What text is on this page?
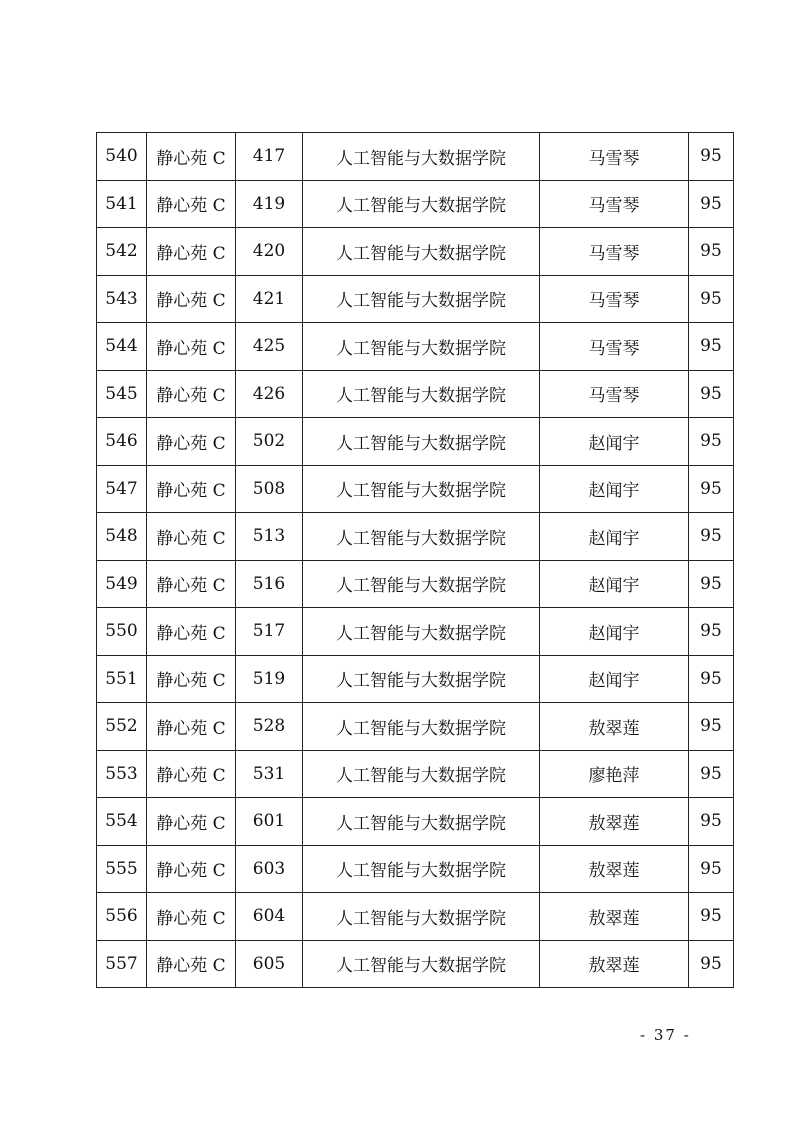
540	静心苑 C	417	人工智能与大数据学院	马雪琴	95
541	静心苑 C	419	人工智能与大数据学院	马雪琴	95
542	静心苑 C	420	人工智能与大数据学院	马雪琴	95
543	静心苑 C	421	人工智能与大数据学院	马雪琴	95
544	静心苑 C	425	人工智能与大数据学院	马雪琴	95
545	静心苑 C	426	人工智能与大数据学院	马雪琴	95
546	静心苑 C	502	人工智能与大数据学院	赵闻宇	95
547	静心苑 C	508	人工智能与大数据学院	赵闻宇	95
548	静心苑 C	513	人工智能与大数据学院	赵闻宇	95
549	静心苑 C	516	人工智能与大数据学院	赵闻宇	95
550	静心苑 C	517	人工智能与大数据学院	赵闻宇	95
551	静心苑 C	519	人工智能与大数据学院	赵闻宇	95
552	静心苑 C	528	人工智能与大数据学院	敖翠莲	95
553	静心苑 C	531	人工智能与大数据学院	廖艳萍	95
554	静心苑 C	601	人工智能与大数据学院	敖翠莲	95
555	静心苑 C	603	人工智能与大数据学院	敖翠莲	95
556	静心苑 C	604	人工智能与大数据学院	敖翠莲	95
557	静心苑 C	605	人工智能与大数据学院	敖翠莲	95
- 37 -
